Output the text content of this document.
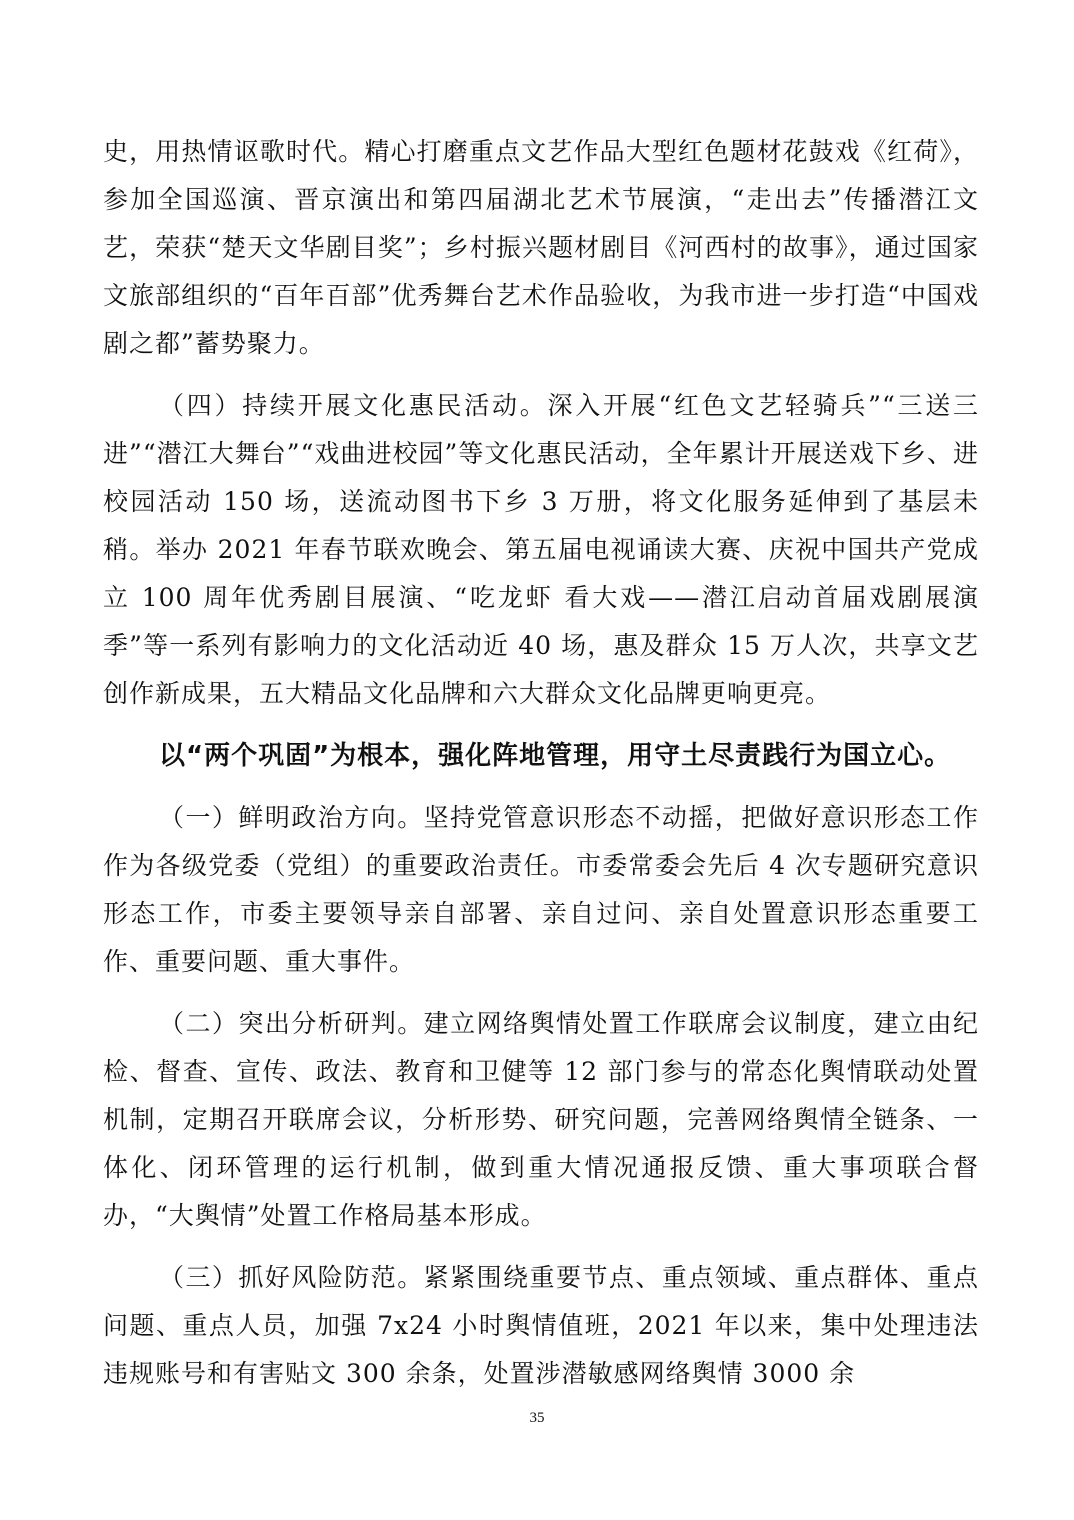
史，用热情讴歌时代。精心打磨重点文艺作品大型红色题材花鼓戏《红荷》，参加全国巡演、晋京演出和第四届湖北艺术节展演，“走出去”传播潜江文艺，荣获“楚天文华剧目奖”；乡村振兴题材剧目《河西村的故事》，通过国家文旅部组织的“百年百部”优秀舞台艺术作品验收，为我市进一步打造“中国戏剧之都”蓄势聚力。

（四）持续开展文化惠民活动。深入开展“红色文艺轻骑兵”“三送三进”“潜江大舞台”“戏曲进校园”等文化惠民活动，全年累计开展送戏下乡、进校园活动 150 场，送流动图书下乡 3 万册，将文化服务延伸到了基层未稍。举办 2021 年春节联欢晚会、第五届电视诵读大赛、庆祝中国共产党成立 100 周年优秀剧目展演、“吃龙虾 看大戏——潜江启动首届戏剧展演季”等一系列有影响力的文化活动近 40 场，惠及群众 15 万人次，共享文艺创作新成果，五大精品文化品牌和六大群众文化品牌更响更亮。

以“两个巩固”为根本，强化阵地管理，用守土尽责践行为国立心。

（一）鲜明政治方向。坚持党管意识形态不动摇，把做好意识形态工作作为各级党委（党组）的重要政治责任。市委常委会先后 4 次专题研究意识形态工作，市委主要领导亲自部署、亲自过问、亲自处置意识形态重要工作、重要问题、重大事件。

（二）突出分析研判。建立网络舆情处置工作联席会议制度，建立由纪检、督查、宣传、政法、教育和卫健等 12 部门参与的常态化舆情联动处置机制，定期召开联席会议，分析形势、研究问题，完善网络舆情全链条、一体化、闭环管理的运行机制，做到重大情况通报反馈、重大事项联合督办，“大舆情”处置工作格局基本形成。

（三）抓好风险防范。紧紧围绕重要节点、重点领域、重点群体、重点问题、重点人员，加强 7x24 小时舆情值班，2021 年以来，集中处理违法违规账号和有害贴文 300 余条，处置涉潜敏感网络舆情 3000 余

35
